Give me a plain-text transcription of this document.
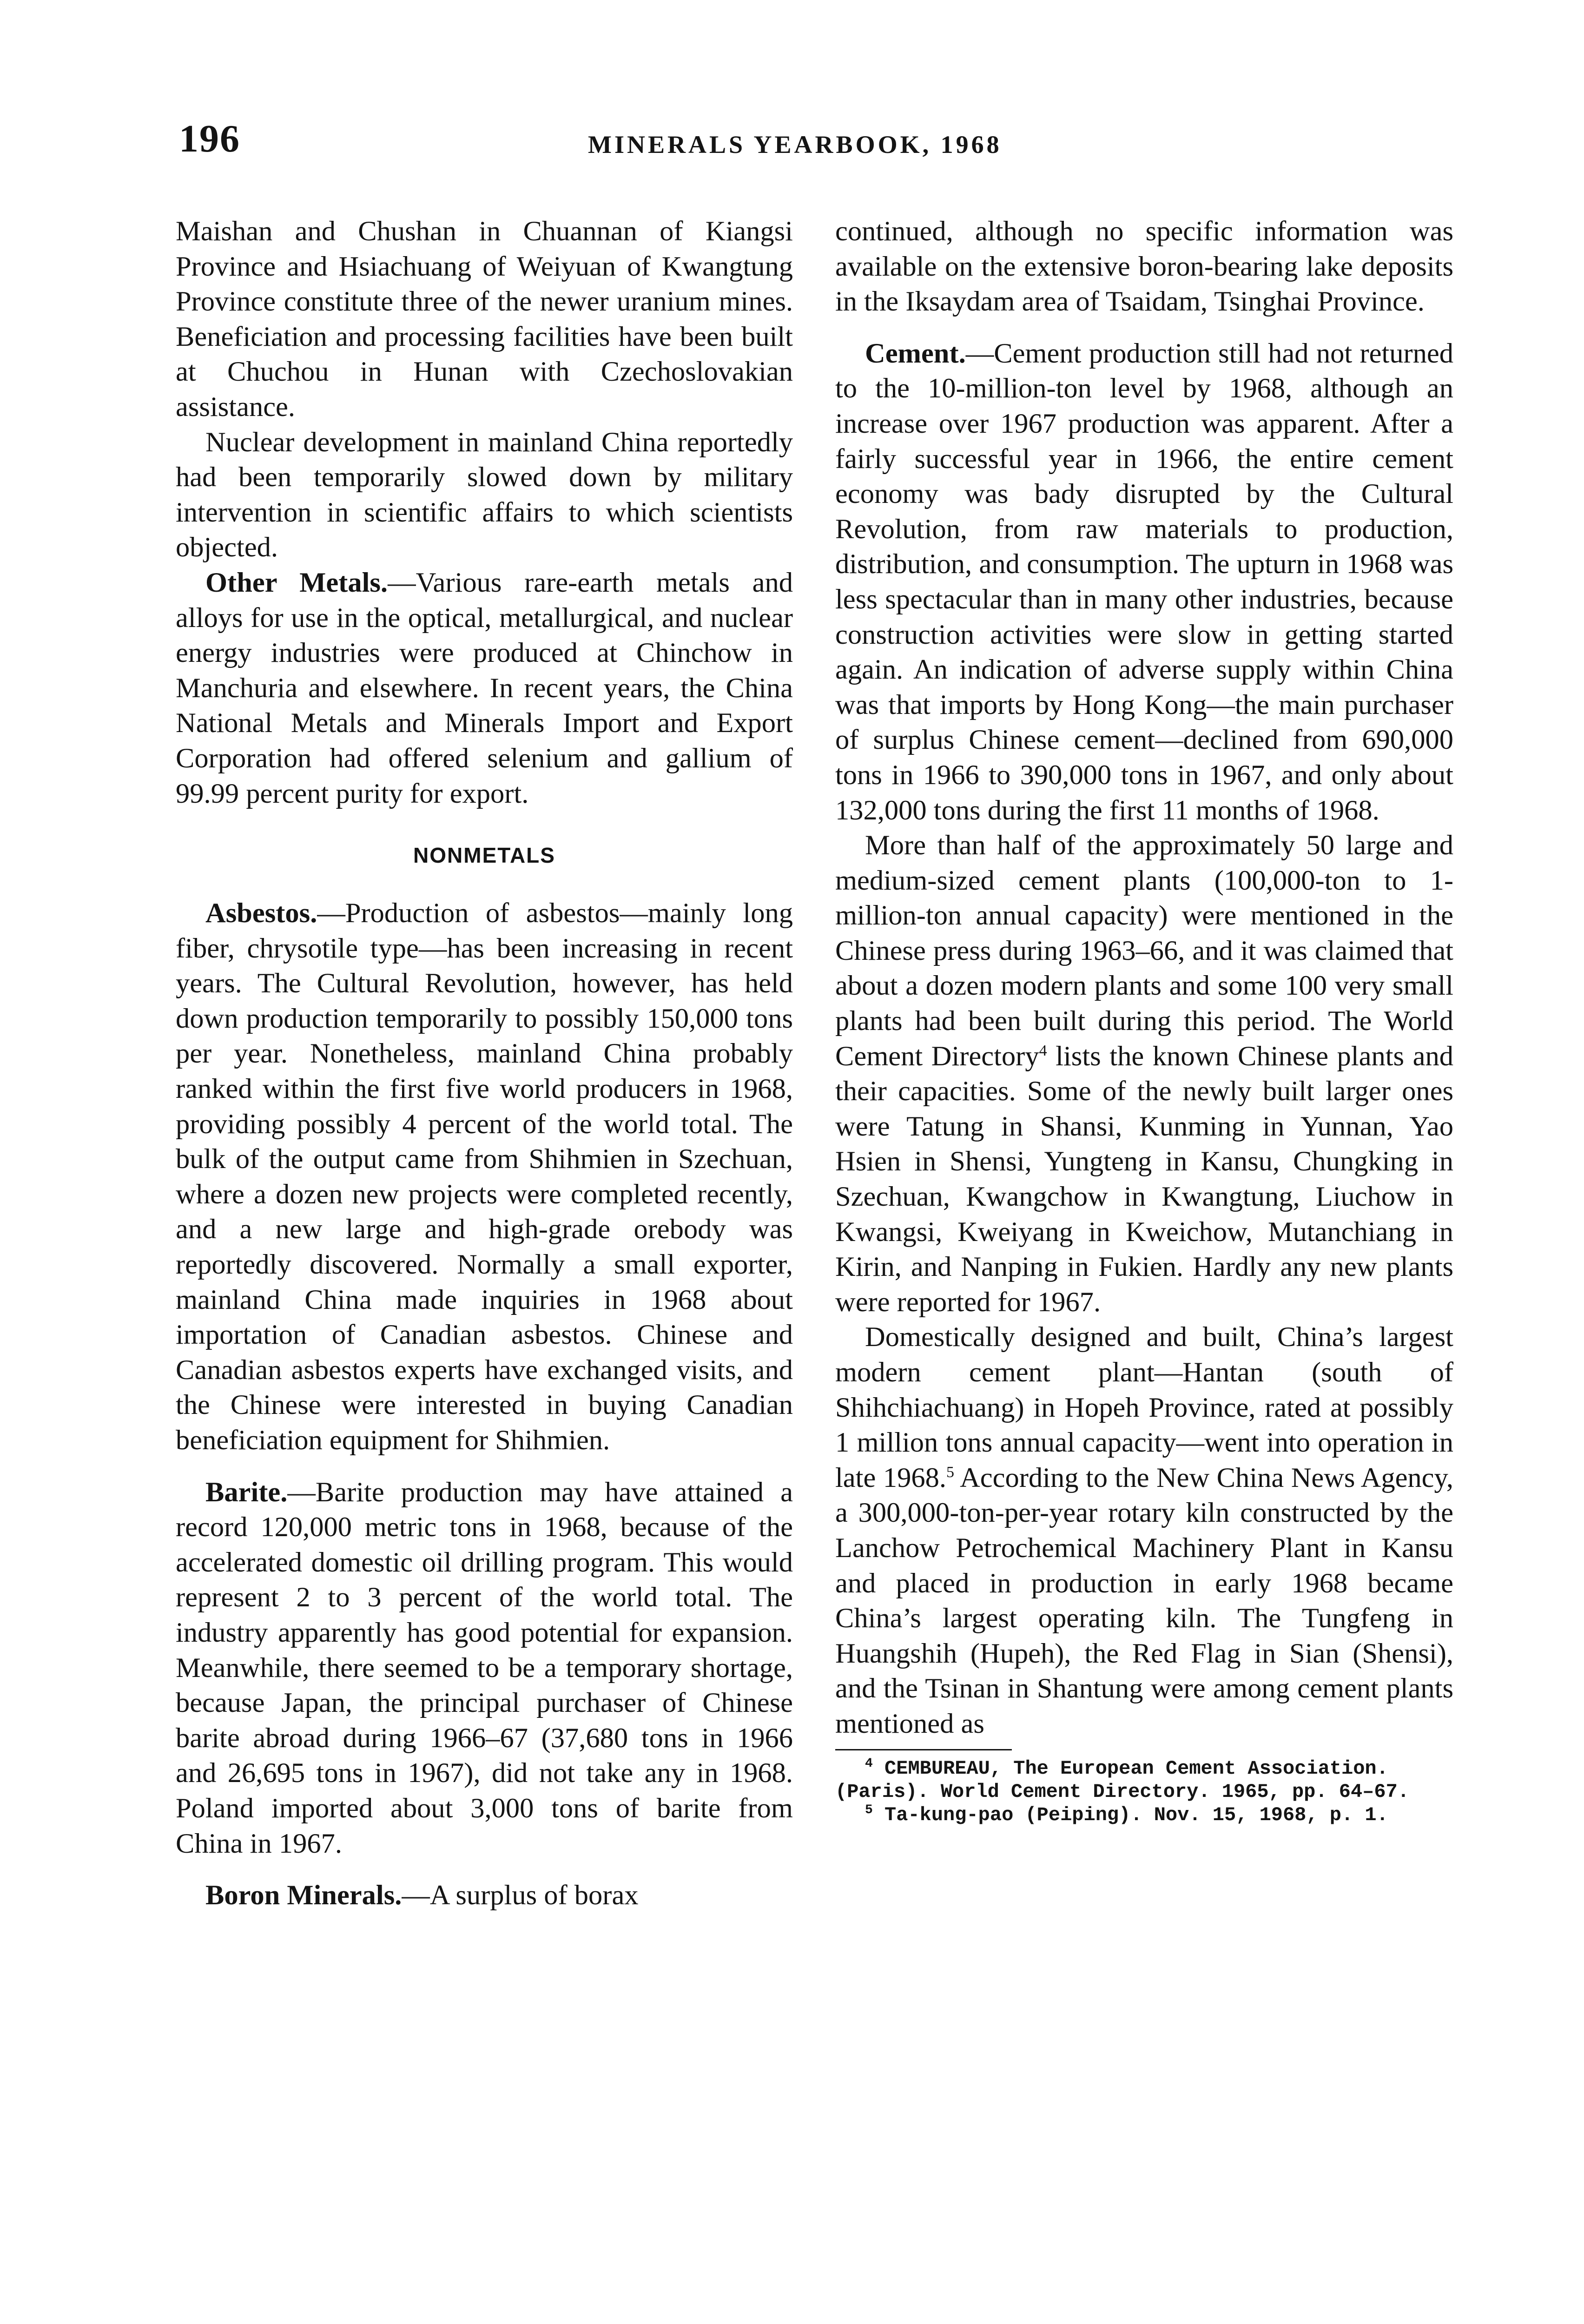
196	MINERALS YEARBOOK, 1968

Maishan and Chushan in Chuannan of Kiangsi Province and Hsiachuang of Weiyuan of Kwangtung Province constitute three of the newer uranium mines. Beneficiation and processing facilities have been built at Chuchou in Hunan with Czechoslovakian assistance.

Nuclear development in mainland China reportedly had been temporarily slowed down by military intervention in scientific affairs to which scientists objected.

Other Metals.—Various rare-earth metals and alloys for use in the optical, metallurgical, and nuclear energy industries were produced at Chinchow in Manchuria and elsewhere. In recent years, the China National Metals and Minerals Import and Export Corporation had offered selenium and gallium of 99.99 percent purity for export.

NONMETALS

Asbestos.—Production of asbestos—mainly long fiber, chrysotile type—has been increasing in recent years. The Cultural Revolution, however, has held down production temporarily to possibly 150,000 tons per year. Nonetheless, mainland China probably ranked within the first five world producers in 1968, providing possibly 4 percent of the world total. The bulk of the output came from Shihmien in Szechuan, where a dozen new projects were completed recently, and a new large and high-grade orebody was reportedly discovered. Normally a small exporter, mainland China made inquiries in 1968 about importation of Canadian asbestos. Chinese and Canadian asbestos experts have exchanged visits, and the Chinese were interested in buying Canadian beneficiation equipment for Shihmien.

Barite.—Barite production may have attained a record 120,000 metric tons in 1968, because of the accelerated domestic oil drilling program. This would represent 2 to 3 percent of the world total. The industry apparently has good potential for expansion. Meanwhile, there seemed to be a temporary shortage, because Japan, the principal purchaser of Chinese barite abroad during 1966–67 (37,680 tons in 1966 and 26,695 tons in 1967), did not take any in 1968. Poland imported about 3,000 tons of barite from China in 1967.

Boron Minerals.—A surplus of borax

continued, although no specific information was available on the extensive boron-bearing lake deposits in the Iksaydam area of Tsaidam, Tsinghai Province.

Cement.—Cement production still had not returned to the 10-million-ton level by 1968, although an increase over 1967 production was apparent. After a fairly successful year in 1966, the entire cement economy was bady disrupted by the Cultural Revolution, from raw materials to production, distribution, and consumption. The upturn in 1968 was less spectacular than in many other industries, because construction activities were slow in getting started again. An indication of adverse supply within China was that imports by Hong Kong—the main purchaser of surplus Chinese cement—declined from 690,000 tons in 1966 to 390,000 tons in 1967, and only about 132,000 tons during the first 11 months of 1968.

More than half of the approximately 50 large and medium-sized cement plants (100,000-ton to 1-million-ton annual capacity) were mentioned in the Chinese press during 1963–66, and it was claimed that about a dozen modern plants and some 100 very small plants had been built during this period. The World Cement Directory$^4$ lists the known Chinese plants and their capacities. Some of the newly built larger ones were Tatung in Shansi, Kunming in Yunnan, Yao Hsien in Shensi, Yungteng in Kansu, Chungking in Szechuan, Kwangchow in Kwangtung, Liuchow in Kwangsi, Kweiyang in Kweichow, Mutanchiang in Kirin, and Nanping in Fukien. Hardly any new plants were reported for 1967.

Domestically designed and built, China’s largest modern cement plant—Hantan (south of Shihchiachuang) in Hopeh Province, rated at possibly 1 million tons annual capacity—went into operation in late 1968.$^5$ According to the New China News Agency, a 300,000-ton-per-year rotary kiln constructed by the Lanchow Petrochemical Machinery Plant in Kansu and placed in production in early 1968 became China’s largest operating kiln. The Tungfeng in Huangshih (Hupeh), the Red Flag in Sian (Shensi), and the Tsinan in Shantung were among cement plants mentioned as

$^4$ CEMBUREAU, The European Cement Association. (Paris). World Cement Directory. 1965, pp. 64–67.

$^5$ Ta-kung-pao (Peiping). Nov. 15, 1968, p. 1.
